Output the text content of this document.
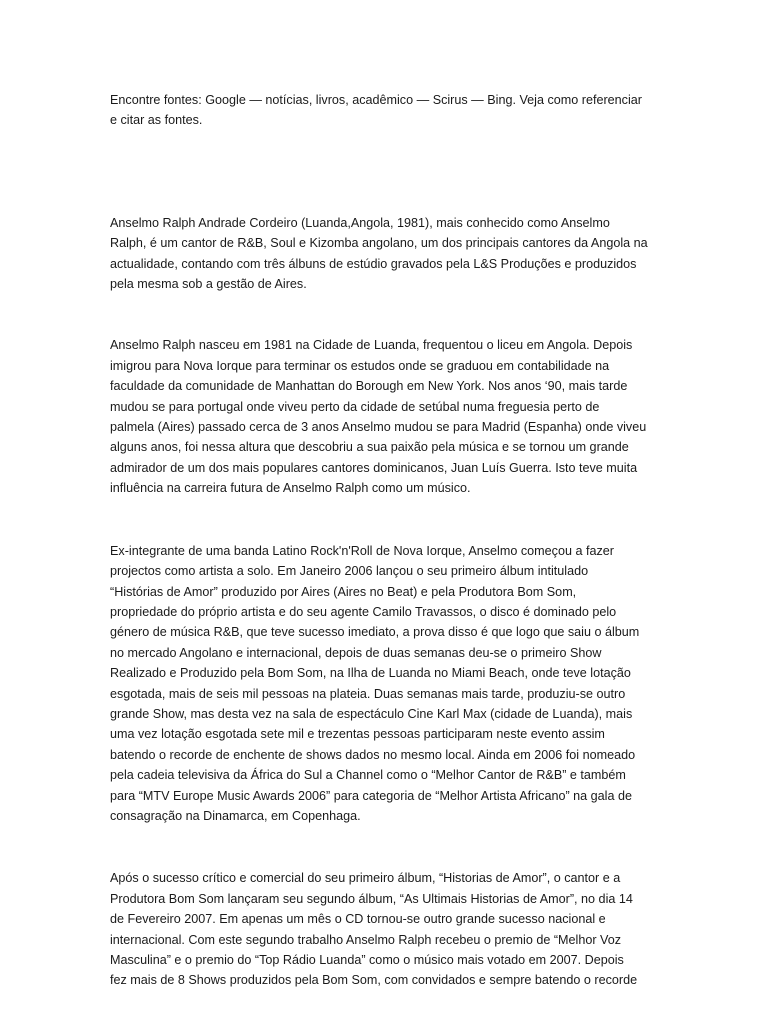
Encontre fontes: Google — notícias, livros, acadêmico — Scirus — Bing. Veja como referenciar
e citar as fontes.

Anselmo Ralph Andrade Cordeiro (Luanda,Angola, 1981), mais conhecido como Anselmo
Ralph, é um cantor de R&B, Soul e Kizomba angolano, um dos principais cantores da Angola na
actualidade, contando com três álbuns de estúdio gravados pela L&S Produções e produzidos
pela mesma sob a gestão de Aires.

Anselmo Ralph nasceu em 1981 na Cidade de Luanda, frequentou o liceu em Angola. Depois
imigrou para Nova Iorque para terminar os estudos onde se graduou em contabilidade na
faculdade da comunidade de Manhattan do Borough em New York. Nos anos ‘90, mais tarde
mudou se para portugal onde viveu perto da cidade de setúbal numa freguesia perto de
palmela (Aires) passado cerca de 3 anos Anselmo mudou se para Madrid (Espanha) onde viveu
alguns anos, foi nessa altura que descobriu a sua paixão pela música e se tornou um grande
admirador de um dos mais populares cantores dominicanos, Juan Luís Guerra. Isto teve muita
influência na carreira futura de Anselmo Ralph como um músico.

Ex-integrante de uma banda Latino Rock'n'Roll de Nova Iorque, Anselmo começou a fazer
projectos como artista a solo. Em Janeiro 2006 lançou o seu primeiro álbum intitulado
“Histórias de Amor” produzido por Aires (Aires no Beat) e pela Produtora Bom Som,
propriedade do próprio artista e do seu agente Camilo Travassos, o disco é dominado pelo
género de música R&B, que teve sucesso imediato, a prova disso é que logo que saiu o álbum
no mercado Angolano e internacional, depois de duas semanas deu-se o primeiro Show
Realizado e Produzido pela Bom Som, na Ilha de Luanda no Miami Beach, onde teve lotação
esgotada, mais de seis mil pessoas na plateia. Duas semanas mais tarde, produziu-se outro
grande Show, mas desta vez na sala de espectáculo Cine Karl Max (cidade de Luanda), mais
uma vez lotação esgotada sete mil e trezentas pessoas participaram neste evento assim
batendo o recorde de enchente de shows dados no mesmo local. Ainda em 2006 foi nomeado
pela cadeia televisiva da África do Sul a Channel como o “Melhor Cantor de R&B” e também
para “MTV Europe Music Awards 2006” para categoria de “Melhor Artista Africano” na gala de
consagração na Dinamarca, em Copenhaga.

Após o sucesso crítico e comercial do seu primeiro álbum, “Historias de Amor”, o cantor e a
Produtora Bom Som lançaram seu segundo álbum, “As Ultimais Historias de Amor”, no dia 14
de Fevereiro 2007. Em apenas um mês o CD tornou-se outro grande sucesso nacional e
internacional. Com este segundo trabalho Anselmo Ralph recebeu o premio de “Melhor Voz
Masculina” e o premio do “Top Rádio Luanda” como o músico mais votado em 2007. Depois
fez mais de 8 Shows produzidos pela Bom Som, com convidados e sempre batendo o recorde
